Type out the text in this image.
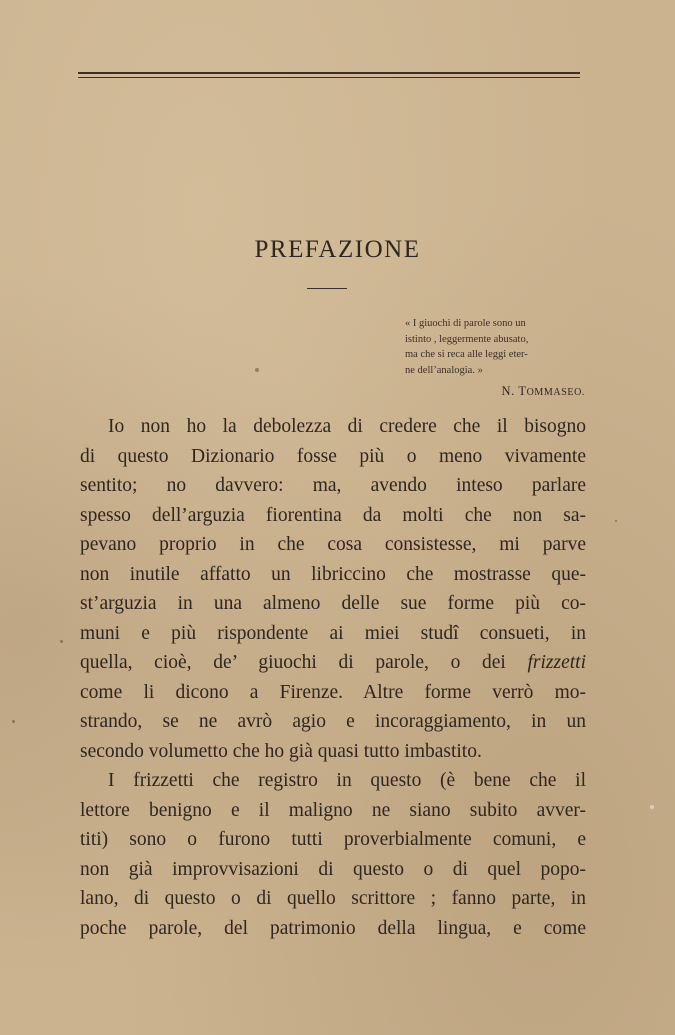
PREFAZIONE
« I giuochi di parole sono un
istinto , leggermente abusato,
ma che si reca alle leggi eter-
ne dell’analogia. »
N. TOMMASEO.
Io non ho la debolezza di credere che il bisogno
di questo Dizionario fosse più o meno vivamente
sentito; no davvero: ma, avendo inteso parlare
spesso dell’arguzia fiorentina da molti che non sa-
pevano proprio in che cosa consistesse, mi parve
non inutile affatto un libriccino che mostrasse que-
st’arguzia in una almeno delle sue forme più co-
muni e più rispondente ai miei studî consueti, in
quella, cioè, de’ giuochi di parole, o dei frizzetti
come li dicono a Firenze. Altre forme verrò mo-
strando, se ne avrò agio e incoraggiamento, in un
secondo volumetto che ho già quasi tutto imbastito.
I frizzetti che registro in questo (è bene che il
lettore benigno e il maligno ne siano subito avver-
titi) sono o furono tutti proverbialmente comuni, e
non già improvvisazioni di questo o di quel popo-
lano, di questo o di quello scrittore ; fanno parte, in
poche parole, del patrimonio della lingua, e come
